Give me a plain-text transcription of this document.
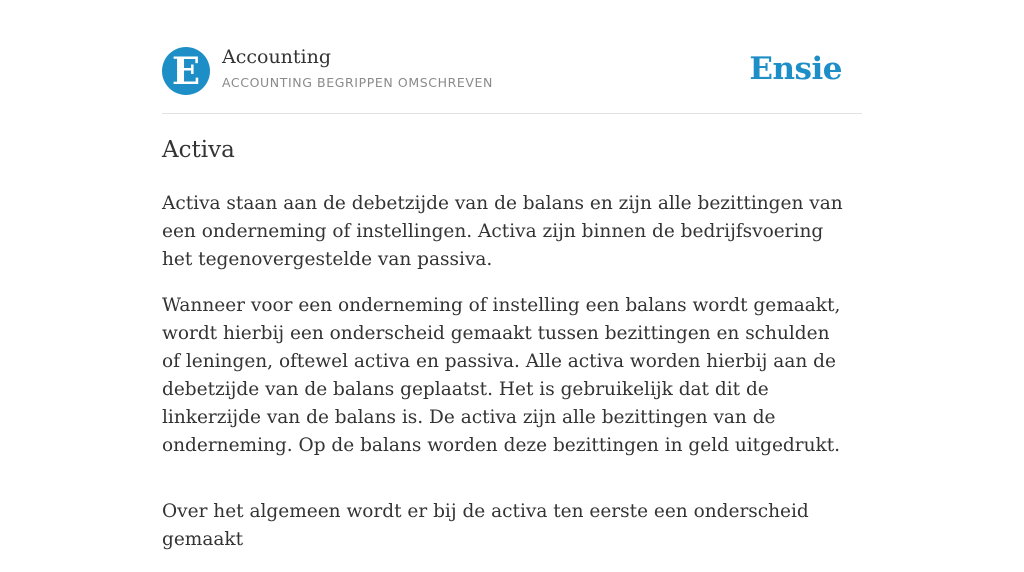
E	Accounting
ACCOUNTING BEGRIPPEN OMSCHREVEN	Ensie
Activa

Activa staan aan de debetzijde van de balans en zijn alle bezittingen van een onderneming of instellingen. Activa zijn binnen de bedrijfsvoering het tegenovergestelde van passiva.

Wanneer voor een onderneming of instelling een balans wordt gemaakt, wordt hierbij een onderscheid gemaakt tussen bezittingen en schulden of leningen, oftewel activa en passiva. Alle activa worden hierbij aan de debetzijde van de balans geplaatst. Het is gebruikelijk dat dit de linkerzijde van de balans is. De activa zijn alle bezittingen van de onderneming. Op de balans worden deze bezittingen in geld uitgedrukt.

Over het algemeen wordt er bij de activa ten eerste een onderscheid gemaakt
